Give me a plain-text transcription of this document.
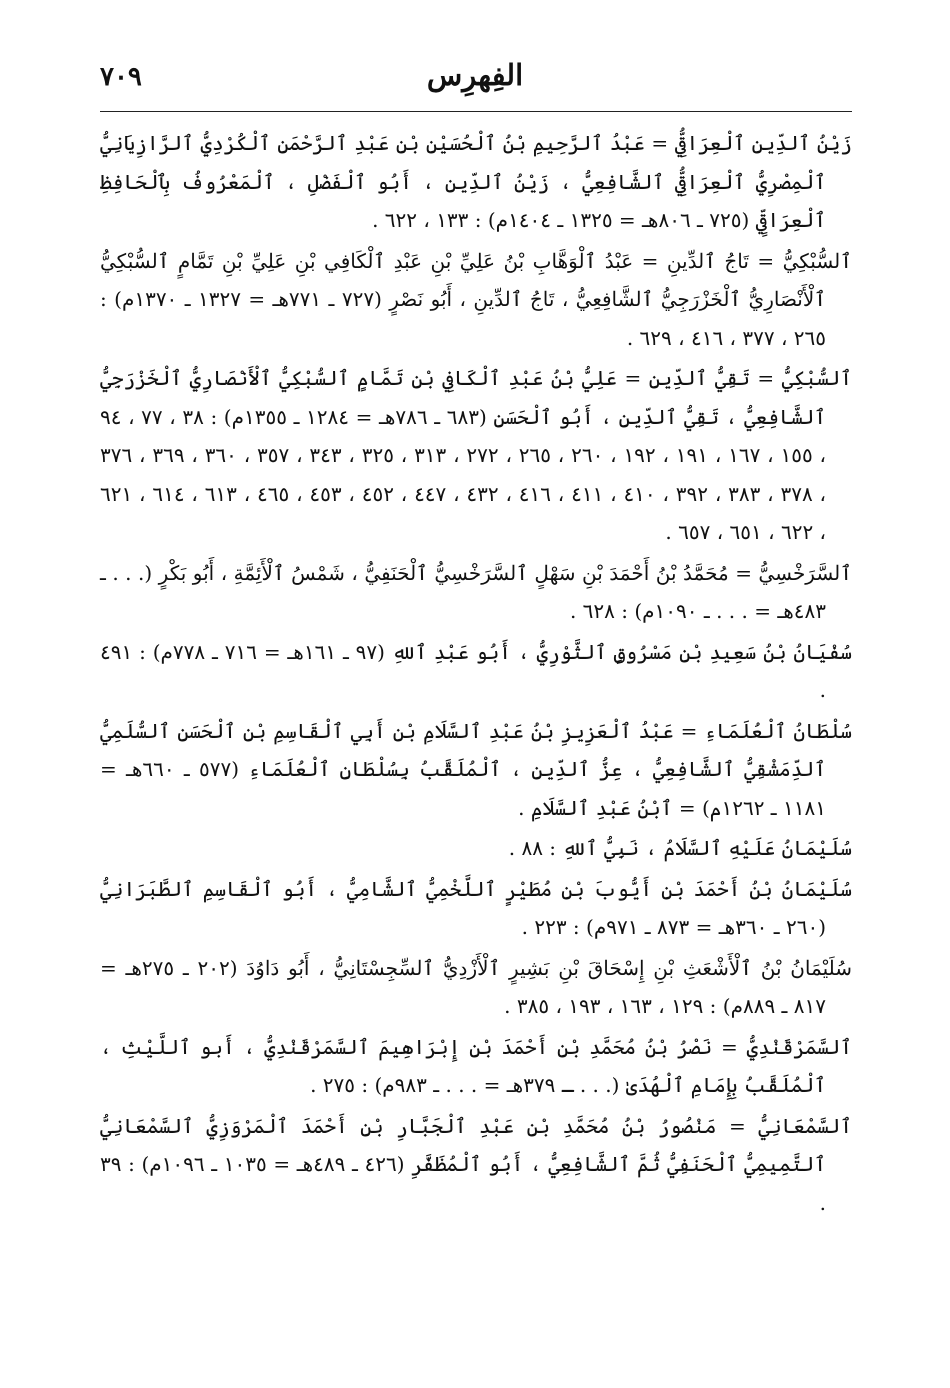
الفِهرِس
٧٠٩

زَيْنُ ٱلدِّينِ ٱلْعِرَاقِيُّ = عَبْدُ ٱلرَّحِيمِ بْنُ ٱلْحُسَيْنِ بْنِ عَبْدِ ٱلرَّحْمَنِ ٱلْكُرْدِيُّ ٱلرَّازِيَانِيُّ ٱلْمِصْرِيُّ ٱلْعِرَاقِيُّ ٱلشَّافِعِيُّ ، زَيْنُ ٱلدِّينِ ، أَبُو ٱلْفَضْلِ ، ٱلْمَعْرُوفُ بِٱلْحَافِظِ ٱلْعِرَاقِيِّ (٧٢٥ ـ ٨٠٦هـ = ١٣٢٥ ـ ١٤٠٤م) : ١٣٣ ، ٦٢٢ .

ٱلسُّبْكِيُّ = تَاجُ ٱلدِّينِ = عَبْدُ ٱلْوَهَّابِ بْنُ عَلِيِّ بْنِ عَبْدِ ٱلْكَافِي بْنِ عَلِيِّ بْنِ تَمَّامٍ ٱلسُّبْكِيُّ ٱلْأَنْصَارِيُّ ٱلْخَزْرَجِيُّ ٱلشَّافِعِيُّ ، تَاجُ ٱلدِّينِ ، أَبُو نَصْرٍ (٧٢٧ ـ ٧٧١هـ = ١٣٢٧ ـ ١٣٧٠م) : ٢٦٥ ، ٣٧٧ ، ٤١٦ ، ٦٢٩ .

ٱلسُّبْكِيُّ = تَقِيُّ ٱلدِّينِ = عَلِيُّ بْنُ عَبْدِ ٱلْكَافِي بْنِ تَمَّامٍ ٱلسُّبْكِيُّ ٱلْأَنْصَارِيُّ ٱلْخَزْرَجِيُّ ٱلشَّافِعِيُّ ، تَقِيُّ ٱلدِّينِ ، أَبُو ٱلْحَسَنِ (٦٨٣ ـ ٧٨٦هـ = ١٢٨٤ ـ ١٣٥٥م) : ٣٨ ، ٧٧ ، ٩٤ ، ١٥٥ ، ١٦٧ ، ١٩١ ، ١٩٢ ، ٢٦٠ ، ٢٦٥ ، ٢٧٢ ، ٣١٣ ، ٣٢٥ ، ٣٤٣ ، ٣٥٧ ، ٣٦٠ ، ٣٦٩ ، ٣٧٦ ، ٣٧٨ ، ٣٨٣ ، ٣٩٢ ، ٤١٠ ، ٤١١ ، ٤١٦ ، ٤٣٢ ، ٤٤٧ ، ٤٥٢ ، ٤٥٣ ، ٤٦٥ ، ٦١٣ ، ٦١٤ ، ٦٢١ ، ٦٢٢ ، ٦٥١ ، ٦٥٧ .

ٱلسَّرَخْسِيُّ = مُحَمَّدُ بْنُ أَحْمَدَ بْنِ سَهْلٍ ٱلسَّرَخْسِيُّ ٱلْحَنَفِيُّ ، شَمْسُ ٱلْأَئِمَّةِ ، أَبُو بَكْرٍ (. . . ـ ٤٨٣هـ = . . . ـ ١٠٩٠م) : ٦٢٨ .

سُفْيَانُ بْنُ سَعِيدِ بْنِ مَسْرُوقٍ ٱلثَّوْرِيُّ ، أَبُو عَبْدِ ٱللهِ (٩٧ ـ ١٦١هـ = ٧١٦ ـ ٧٧٨م) : ٤٩١ .

سُلْطَانُ ٱلْعُلَمَاءِ = عَبْدُ ٱلْعَزِيزِ بْنُ عَبْدِ ٱلسَّلَامِ بْنِ أَبِي ٱلْقَاسِمِ بْنِ ٱلْحَسَنِ ٱلسُّلَمِيُّ ٱلدِّمَشْقِيُّ ٱلشَّافِعِيُّ ، عِزُّ ٱلدِّينِ ، ٱلْمُلَقَّبُ بِسُلْطَانِ ٱلْعُلَمَاءِ (٥٧٧ ـ ٦٦٠هـ = ١١٨١ ـ ١٢٦٢م) = ٱبْنُ عَبْدِ ٱلسَّلَامِ .

سُلَيْمَانُ عَلَيْهِ ٱلسَّلَامُ ، نَبِيُّ ٱللهِ : ٨٨ .

سُلَيْمَانُ بْنُ أَحْمَدَ بْنِ أَيُّوبَ بْنِ مُطَيْرٍ ٱللَّخْمِيُّ ٱلشَّامِيُّ ، أَبُو ٱلْقَاسِمِ ٱلطَّبَرَانِيُّ (٢٦٠ ـ ٣٦٠هـ = ٨٧٣ ـ ٩٧١م) : ٢٢٣ .

سُلَيْمَانُ بْنُ ٱلْأَشْعَثِ بْنِ إِسْحَاقَ بْنِ بَشِيرٍ ٱلْأَزْدِيُّ ٱلسِّجِسْتَانِيُّ ، أَبُو دَاوُدَ (٢٠٢ ـ ٢٧٥هـ = ٨١٧ ـ ٨٨٩م) : ١٢٩ ، ١٦٣ ، ١٩٣ ، ٣٨٥ .

ٱلسَّمَرْقَنْدِيُّ = نَصْرُ بْنُ مُحَمَّدِ بْنِ أَحْمَدَ بْنِ إِبْرَاهِيمَ ٱلسَّمَرْقَنْدِيُّ ، أَبو ٱللَّيْثِ ، ٱلْمُلَقَّبُ بِإِمَامِ ٱلْهُدَىٰ (. . . ـ ٣٧٩هـ = . . . ـ ٩٨٣م) : ٢٧٥ .

ٱلسَّمْعَانِيُّ = مَنْصُورُ بْنُ مُحَمَّدِ بْنِ عَبْدِ ٱلْجَبَّارِ بْنِ أَحْمَدَ ٱلْمَرْوَزِيُّ ٱلسَّمْعَانِيُّ ٱلتَّمِيمِيُّ ٱلْحَنَفِيُّ ثُمَّ ٱلشَّافِعِيُّ ، أَبُو ٱلْمُظَفَّرِ (٤٢٦ ـ ٤٨٩هـ = ١٠٣٥ ـ ١٠٩٦م) : ٣٩ .
